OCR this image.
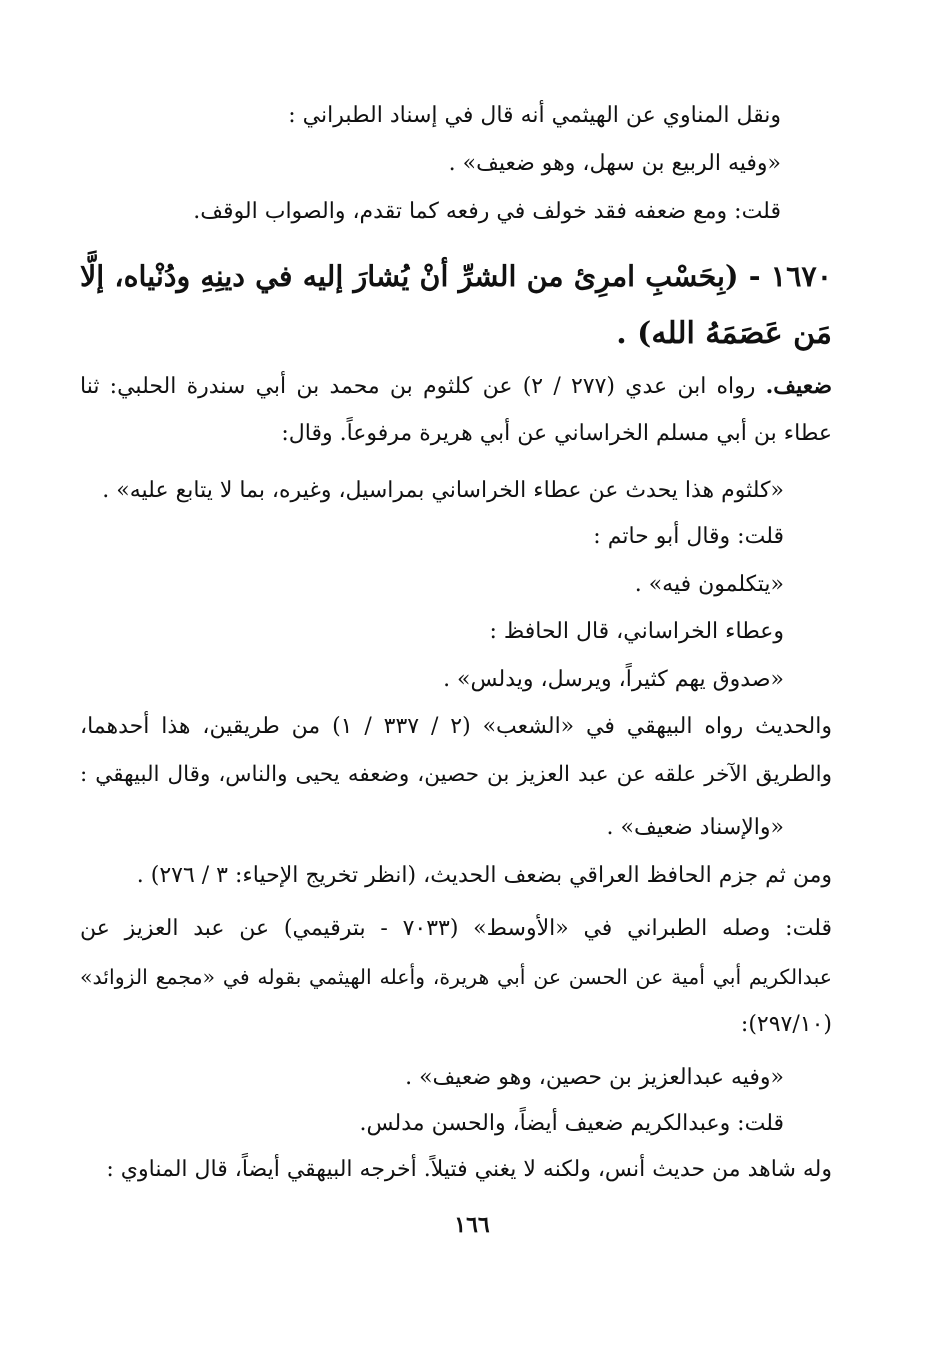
ونقل المناوي عن الهيثمي أنه قال في إسناد الطبراني :
«وفيه الربيع بن سهل، وهو ضعيف» .
قلت: ومع ضعفه فقد خولف في رفعه كما تقدم، والصواب الوقف.
١٦٧٠ - (بِحَسْبِ امرِئ من الشرِّ أنْ يُشارَ إليه في دينِهِ ودُنْياه، إلَّا
مَن عَصَمَهُ الله) .
ضعيف. رواه ابن عدي (٢٧٧ / ٢) عن كلثوم بن محمد بن أبي سندرة الحلبي: ثنا
عطاء بن أبي مسلم الخراساني عن أبي هريرة مرفوعاً. وقال:
«كلثوم هذا يحدث عن عطاء الخراساني بمراسيل، وغيره، بما لا يتابع عليه» .
قلت: وقال أبو حاتم :
«يتكلمون فيه» .
وعطاء الخراساني، قال الحافظ :
«صدوق يهم كثيراً، ويرسل، ويدلس» .
والحديث رواه البيهقي في «الشعب» (٢ / ٣٣٧ / ١) من طريقين، هذا أحدهما،
والطريق الآخر علقه عن عبد العزيز بن حصين، وضعفه يحيى والناس، وقال البيهقي :
«والإسناد ضعيف» .
ومن ثم جزم الحافظ العراقي بضعف الحديث، (انظر تخريج الإحياء: ٣ / ٢٧٦) .
قلت: وصله الطبراني في «الأوسط» (٧٠٣٣ - بترقيمي) عن عبد العزيز عن
عبدالكريم أبي أمية عن الحسن عن أبي هريرة، وأعله الهيثمي بقوله في «مجمع الزوائد»
(٢٩٧/١٠):
«وفيه عبدالعزيز بن حصين، وهو ضعيف» .
قلت: وعبدالكريم ضعيف أيضاً، والحسن مدلس.
وله شاهد من حديث أنس، ولكنه لا يغني فتيلاً. أخرجه البيهقي أيضاً، قال المناوي :
١٦٦
